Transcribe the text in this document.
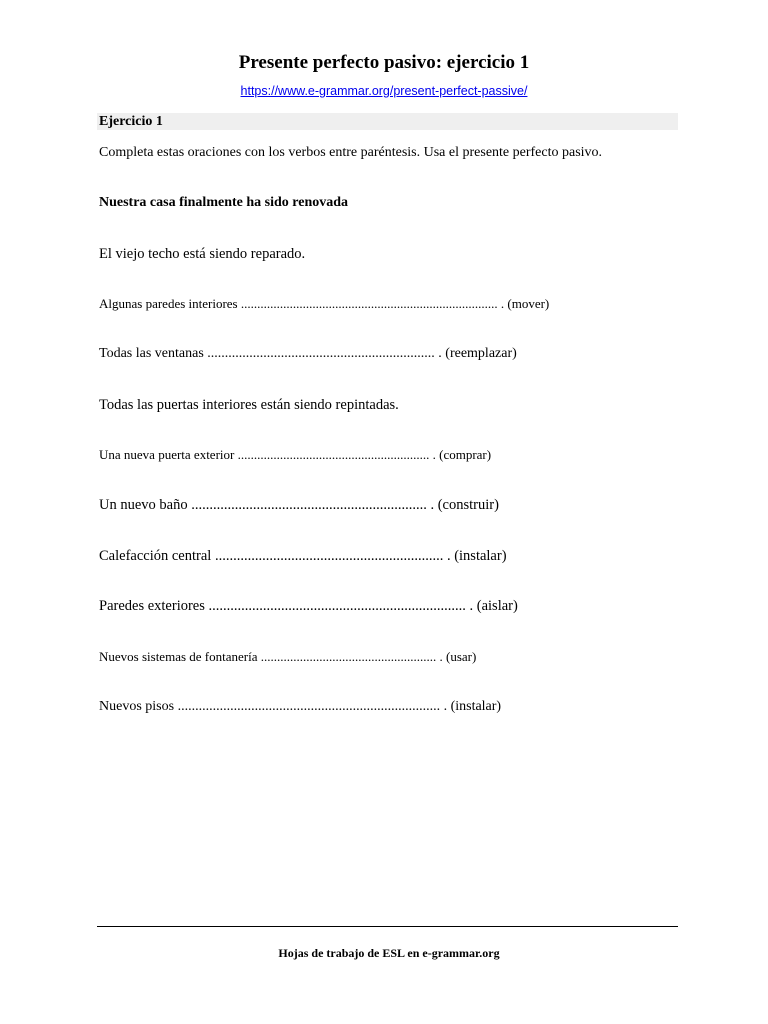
Presente perfecto pasivo: ejercicio 1
https://www.e-grammar.org/present-perfect-passive/
Ejercicio 1
Completa estas oraciones con los verbos entre paréntesis. Usa el presente perfecto pasivo.
Nuestra casa finalmente ha sido renovada
El viejo techo está siendo reparado.
Algunas paredes interiores ............................................................................... . (mover)
Todas las ventanas ................................................................. . (reemplazar)
Todas las puertas interiores están siendo repintadas.
Una nueva puerta exterior ........................................................... . (comprar)
Un nuevo baño ................................................................. . (construir)
Calefacción central ............................................................... . (instalar)
Paredes exteriores ....................................................................... . (aislar)
Nuevos sistemas de fontanería ...................................................... . (usar)
Nuevos pisos ........................................................................... . (instalar)
Hojas de trabajo de ESL en e-grammar.org
